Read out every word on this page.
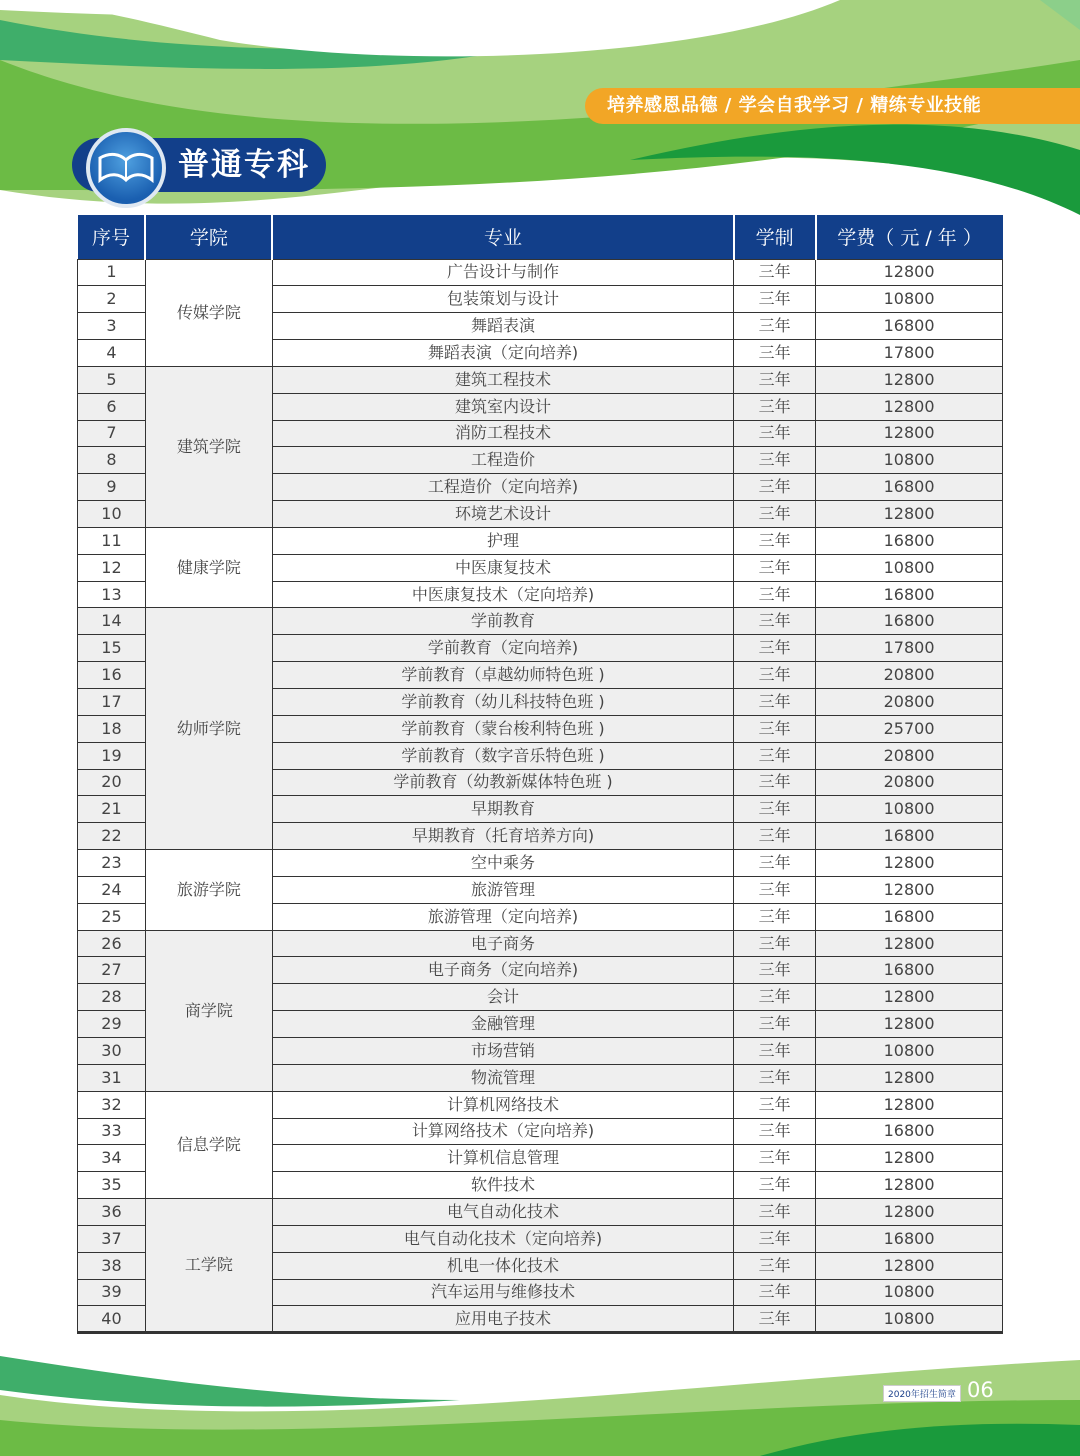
培养感恩品德 / 学会自我学习 / 精练专业技能
普通专科
序号	学院	专业	学制	学费（ 元 / 年 ）
1	传媒学院	广告设计与制作	三年	12800
2		包装策划与设计	三年	10800
3		舞蹈表演	三年	16800
4		舞蹈表演（定向培养)	三年	17800
5	建筑学院	建筑工程技术	三年	12800
6		建筑室内设计	三年	12800
7		消防工程技术	三年	12800
8		工程造价	三年	10800
9		工程造价（定向培养)	三年	16800
10		环境艺术设计	三年	12800
11	健康学院	护理	三年	16800
12		中医康复技术	三年	10800
13		中医康复技术（定向培养)	三年	16800
14	幼师学院	学前教育	三年	16800
15		学前教育（定向培养)	三年	17800
16		学前教育（卓越幼师特色班 )	三年	20800
17		学前教育（幼儿科技特色班 )	三年	20800
18		学前教育（蒙台梭利特色班 )	三年	25700
19		学前教育（数字音乐特色班 )	三年	20800
20		学前教育（幼教新媒体特色班 )	三年	20800
21		早期教育	三年	10800
22		早期教育（托育培养方向)	三年	16800
23	旅游学院	空中乘务	三年	12800
24		旅游管理	三年	12800
25		旅游管理（定向培养)	三年	16800
26	商学院	电子商务	三年	12800
27		电子商务（定向培养)	三年	16800
28		会计	三年	12800
29		金融管理	三年	12800
30		市场营销	三年	10800
31		物流管理	三年	12800
32	信息学院	计算机网络技术	三年	12800
33		计算网络技术（定向培养)	三年	16800
34		计算机信息管理	三年	12800
35		软件技术	三年	12800
36	工学院	电气自动化技术	三年	12800
37		电气自动化技术（定向培养)	三年	16800
38		机电一体化技术	三年	12800
39		汽车运用与维修技术	三年	10800
40		应用电子技术	三年	10800
2020年招生简章 06
